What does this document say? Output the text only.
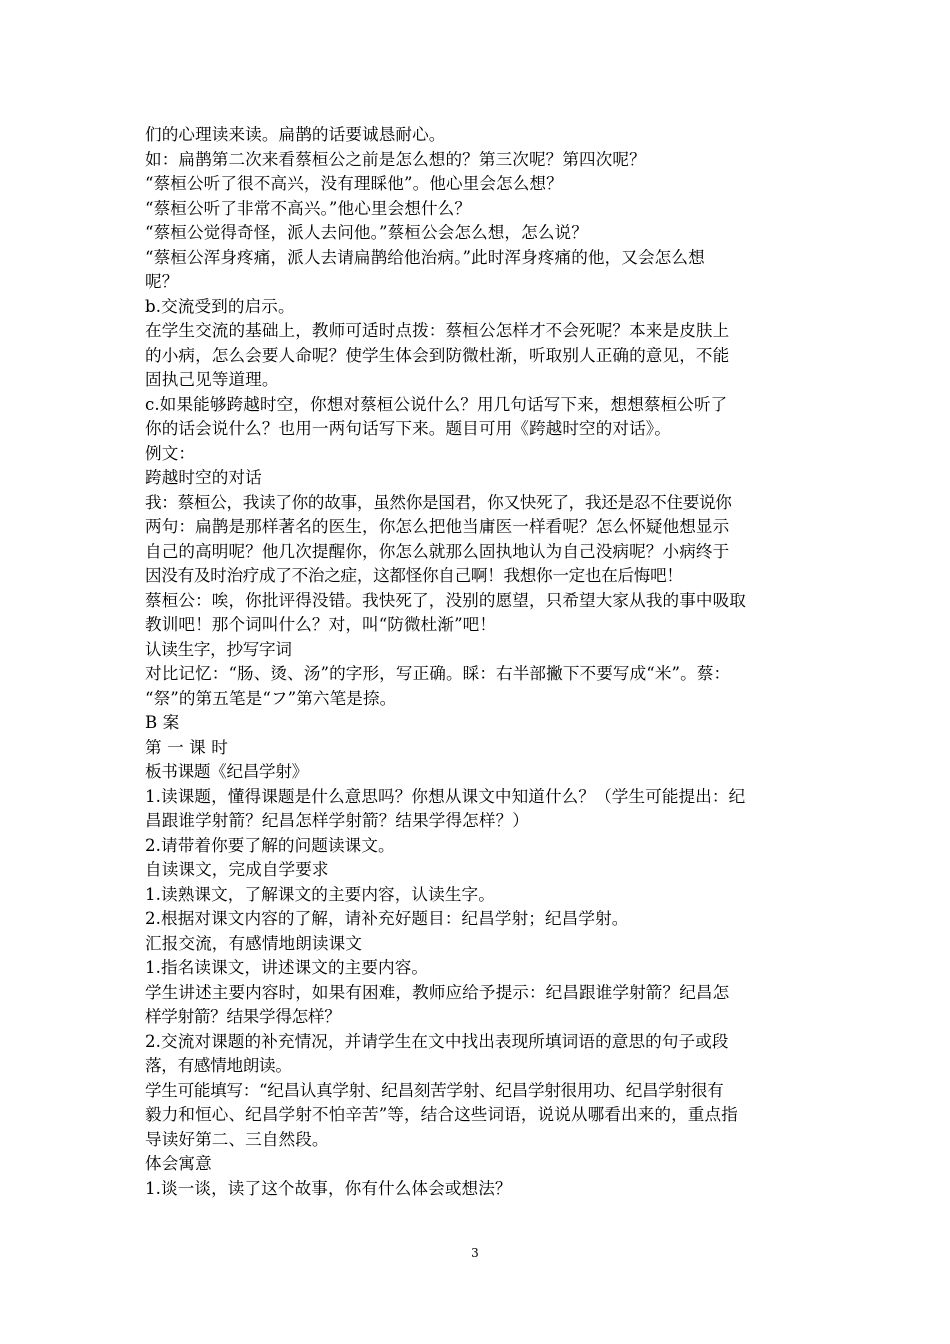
们的心理读来读。扁鹊的话要诚恳耐心。
如：扁鹊第二次来看蔡桓公之前是怎么想的？第三次呢？第四次呢？
“蔡桓公听了很不高兴，没有理睬他”。他心里会怎么想？
“蔡桓公听了非常不高兴。”他心里会想什么？
“蔡桓公觉得奇怪，派人去问他。”蔡桓公会怎么想，怎么说？
“蔡桓公浑身疼痛，派人去请扁鹊给他治病。”此时浑身疼痛的他，又会怎么想
呢？
b.交流受到的启示。
在学生交流的基础上，教师可适时点拨：蔡桓公怎样才不会死呢？本来是皮肤上
的小病，怎么会要人命呢？使学生体会到防微杜渐，听取别人正确的意见，不能
固执己见等道理。
c.如果能够跨越时空，你想对蔡桓公说什么？用几句话写下来，想想蔡桓公听了
你的话会说什么？也用一两句话写下来。题目可用《跨越时空的对话》。
例文：
跨越时空的对话
我：蔡桓公，我读了你的故事，虽然你是国君，你又快死了，我还是忍不住要说你
两句：扁鹊是那样著名的医生，你怎么把他当庸医一样看呢？怎么怀疑他想显示
自己的高明呢？他几次提醒你，你怎么就那么固执地认为自己没病呢？小病终于
因没有及时治疗成了不治之症，这都怪你自己啊！我想你一定也在后悔吧！
蔡桓公：唉，你批评得没错。我快死了，没别的愿望，只希望大家从我的事中吸取
教训吧！那个词叫什么？对，叫“防微杜渐”吧！
认读生字，抄写字词
对比记忆：“肠、烫、汤”的字形，写正确。睬：右半部撇下不要写成“米”。蔡：
“祭”的第五笔是“フ”第六笔是捺。
B 案
第 一 课 时
板书课题《纪昌学射》
1.读课题，懂得课题是什么意思吗？你想从课文中知道什么？（学生可能提出：纪
昌跟谁学射箭？纪昌怎样学射箭？结果学得怎样？）
2.请带着你要了解的问题读课文。
自读课文，完成自学要求
1.读熟课文，了解课文的主要内容，认读生字。
2.根据对课文内容的了解，请补充好题目：纪昌学射；纪昌学射。
汇报交流，有感情地朗读课文
1.指名读课文，讲述课文的主要内容。
学生讲述主要内容时，如果有困难，教师应给予提示：纪昌跟谁学射箭？纪昌怎
样学射箭？结果学得怎样？
2.交流对课题的补充情况，并请学生在文中找出表现所填词语的意思的句子或段
落，有感情地朗读。
学生可能填写：“纪昌认真学射、纪昌刻苦学射、纪昌学射很用功、纪昌学射很有
毅力和恒心、纪昌学射不怕辛苦”等，结合这些词语，说说从哪看出来的，重点指
导读好第二、三自然段。
体会寓意
1.谈一谈，读了这个故事，你有什么体会或想法？
3
